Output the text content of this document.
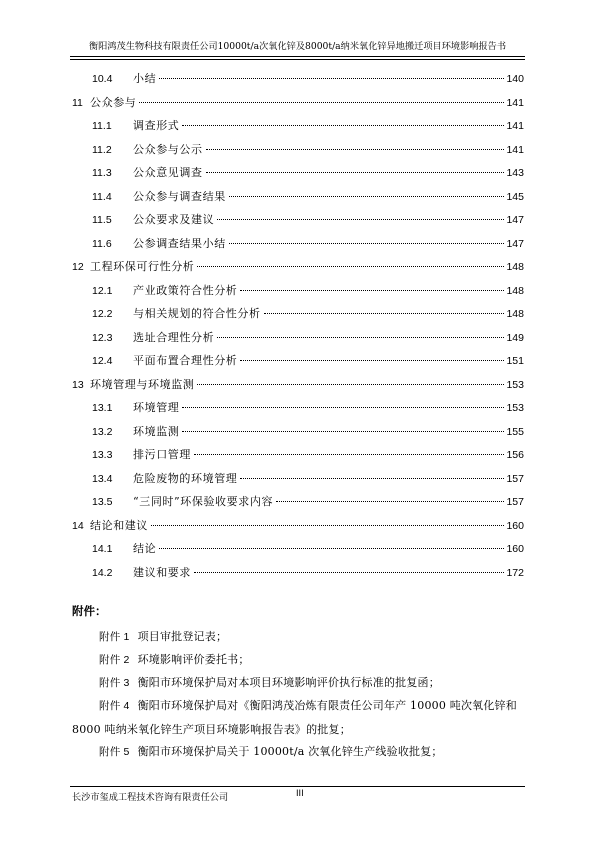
衡阳鸿茂生物科技有限责任公司10000t/a次氧化锌及8000t/a纳米氧化锌异地搬迁项目环境影响报告书
10.4	小结	140
11 公众参与	141
11.1	调查形式	141
11.2	公众参与公示	141
11.3	公众意见调查	143
11.4	公众参与调查结果	145
11.5	公众要求及建议	147
11.6	公参调查结果小结	147
12 工程环保可行性分析	148
12.1	产业政策符合性分析	148
12.2	与相关规划的符合性分析	148
12.3	选址合理性分析	149
12.4	平面布置合理性分析	151
13 环境管理与环境监测	153
13.1	环境管理	153
13.2	环境监测	155
13.3	排污口管理	156
13.4	危险废物的环境管理	157
13.5	“三同时”环保验收要求内容	157
14 结论和建议	160
14.1	结论	160
14.2	建议和要求	172
附件：
附件 1 项目审批登记表；
附件 2 环境影响评价委托书；
附件 3 衡阳市环境保护局对本项目环境影响评价执行标准的批复函；
附件 4 衡阳市环境保护局对《衡阳鸿茂冶炼有限责任公司年产 10000 吨次氧化锌和 8000 吨纳米氧化锌生产项目环境影响报告表》的批复；
附件 5 衡阳市环境保护局关于 10000t/a 次氧化锌生产线验收批复；
长沙市玺成工程技术咨询有限责任公司	III
